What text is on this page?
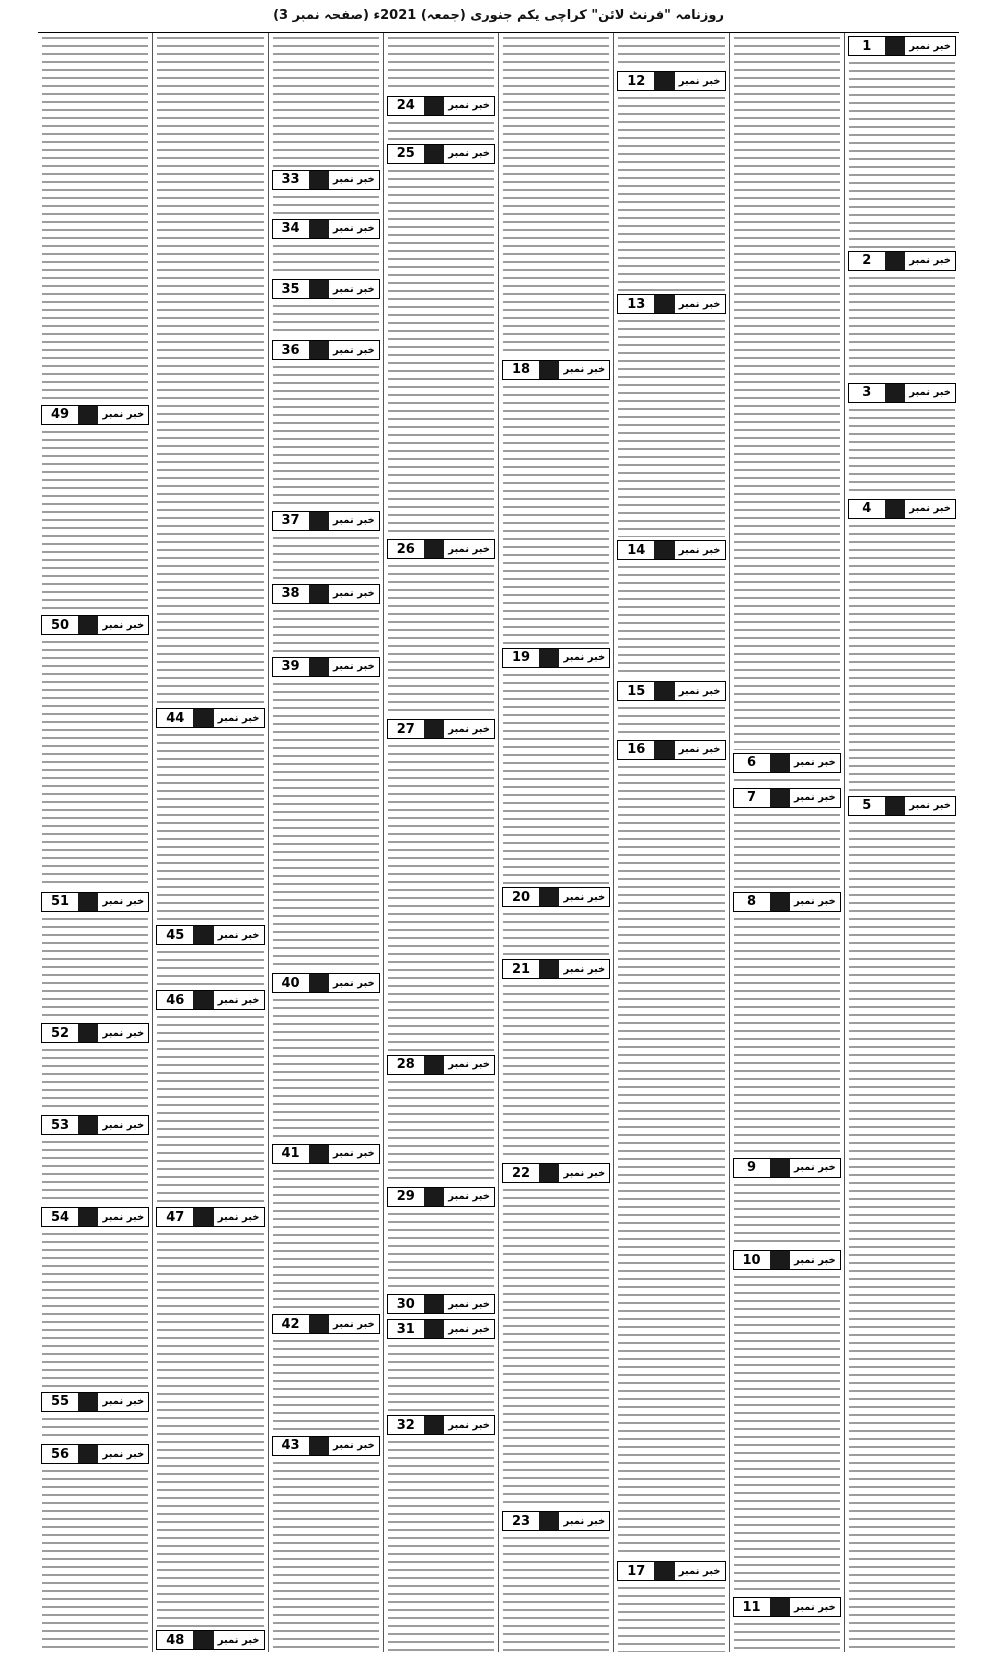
روزنامہ "فرنٹ لائن" کراچی یکم جنوری (جمعہ) 2021ء (صفحہ نمبر 3)
خبر نمبر
1
خبر نمبر
2
خبر نمبر
3
خبر نمبر
4
خبر نمبر
5
خبر نمبر
6
خبر نمبر
7
خبر نمبر
8
خبر نمبر
9
خبر نمبر
10
خبر نمبر
11
خبر نمبر
12
خبر نمبر
13
خبر نمبر
14
خبر نمبر
15
خبر نمبر
16
خبر نمبر
17
خبر نمبر
18
خبر نمبر
19
خبر نمبر
20
خبر نمبر
21
خبر نمبر
22
خبر نمبر
23
خبر نمبر
24
خبر نمبر
25
خبر نمبر
26
خبر نمبر
27
خبر نمبر
28
خبر نمبر
29
خبر نمبر
30
خبر نمبر
31
خبر نمبر
32
خبر نمبر
33
خبر نمبر
34
خبر نمبر
35
خبر نمبر
36
خبر نمبر
37
خبر نمبر
38
خبر نمبر
39
خبر نمبر
40
خبر نمبر
41
خبر نمبر
42
خبر نمبر
43
خبر نمبر
44
خبر نمبر
45
خبر نمبر
46
خبر نمبر
47
خبر نمبر
48
خبر نمبر
49
خبر نمبر
50
خبر نمبر
51
خبر نمبر
52
خبر نمبر
53
خبر نمبر
54
خبر نمبر
55
خبر نمبر
56
